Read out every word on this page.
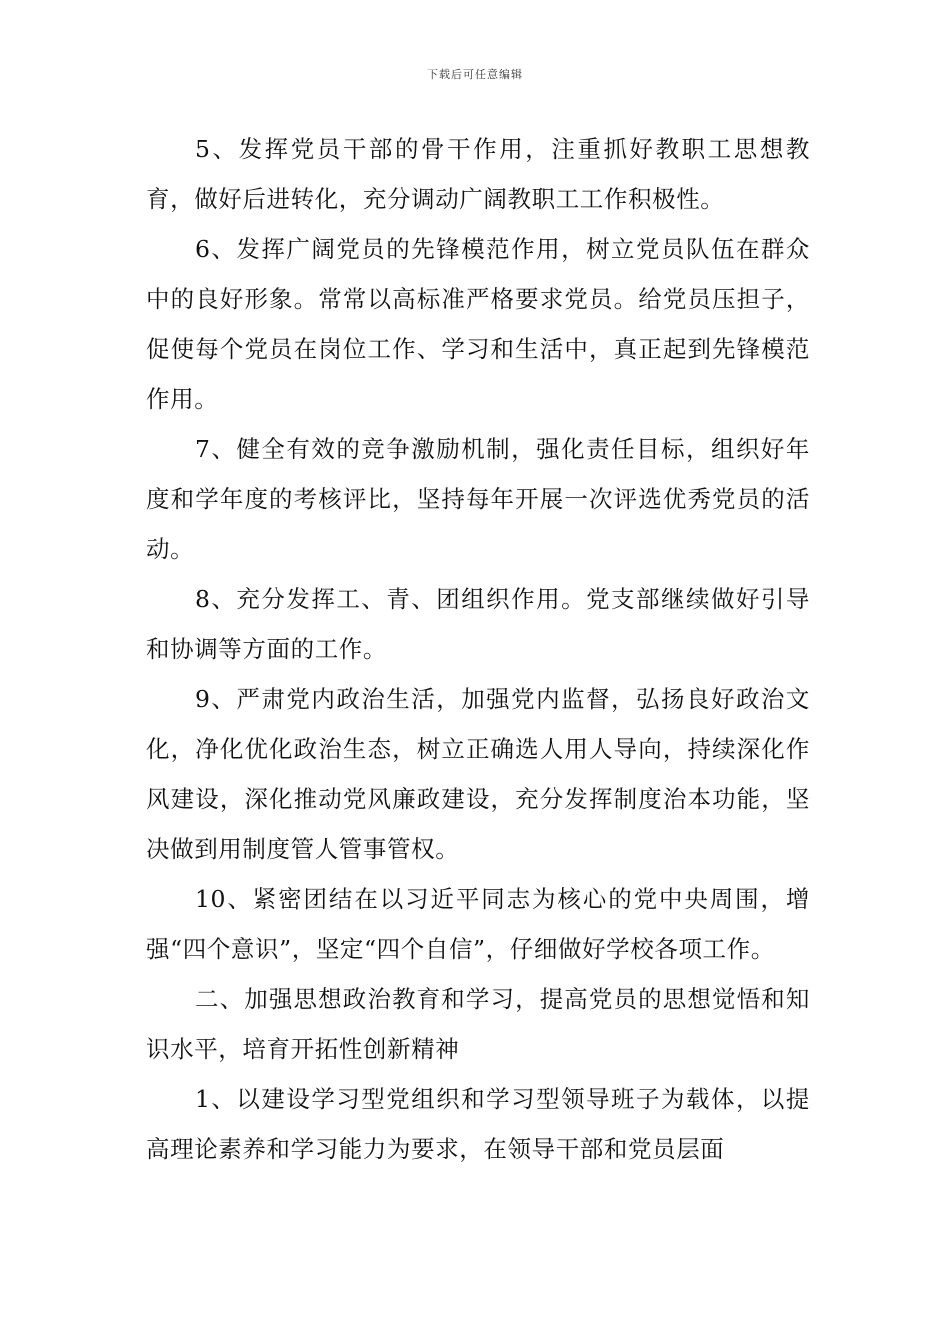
下载后可任意编辑

5、发挥党员干部的骨干作用，注重抓好教职工思想教育，做好后进转化，充分调动广阔教职工工作积极性。

6、发挥广阔党员的先锋模范作用，树立党员队伍在群众中的良好形象。常常以高标准严格要求党员。给党员压担子，促使每个党员在岗位工作、学习和生活中，真正起到先锋模范作用。

7、健全有效的竞争激励机制，强化责任目标，组织好年度和学年度的考核评比，坚持每年开展一次评选优秀党员的活动。

8、充分发挥工、青、团组织作用。党支部继续做好引导和协调等方面的工作。

9、严肃党内政治生活，加强党内监督，弘扬良好政治文化，净化优化政治生态，树立正确选人用人导向，持续深化作风建设，深化推动党风廉政建设，充分发挥制度治本功能，坚决做到用制度管人管事管权。

10、紧密团结在以习近平同志为核心的党中央周围，增强“四个意识”，坚定“四个自信”，仔细做好学校各项工作。

二、加强思想政治教育和学习，提高党员的思想觉悟和知识水平，培育开拓性创新精神

1、以建设学习型党组织和学习型领导班子为载体，以提高理论素养和学习能力为要求，在领导干部和党员层面
